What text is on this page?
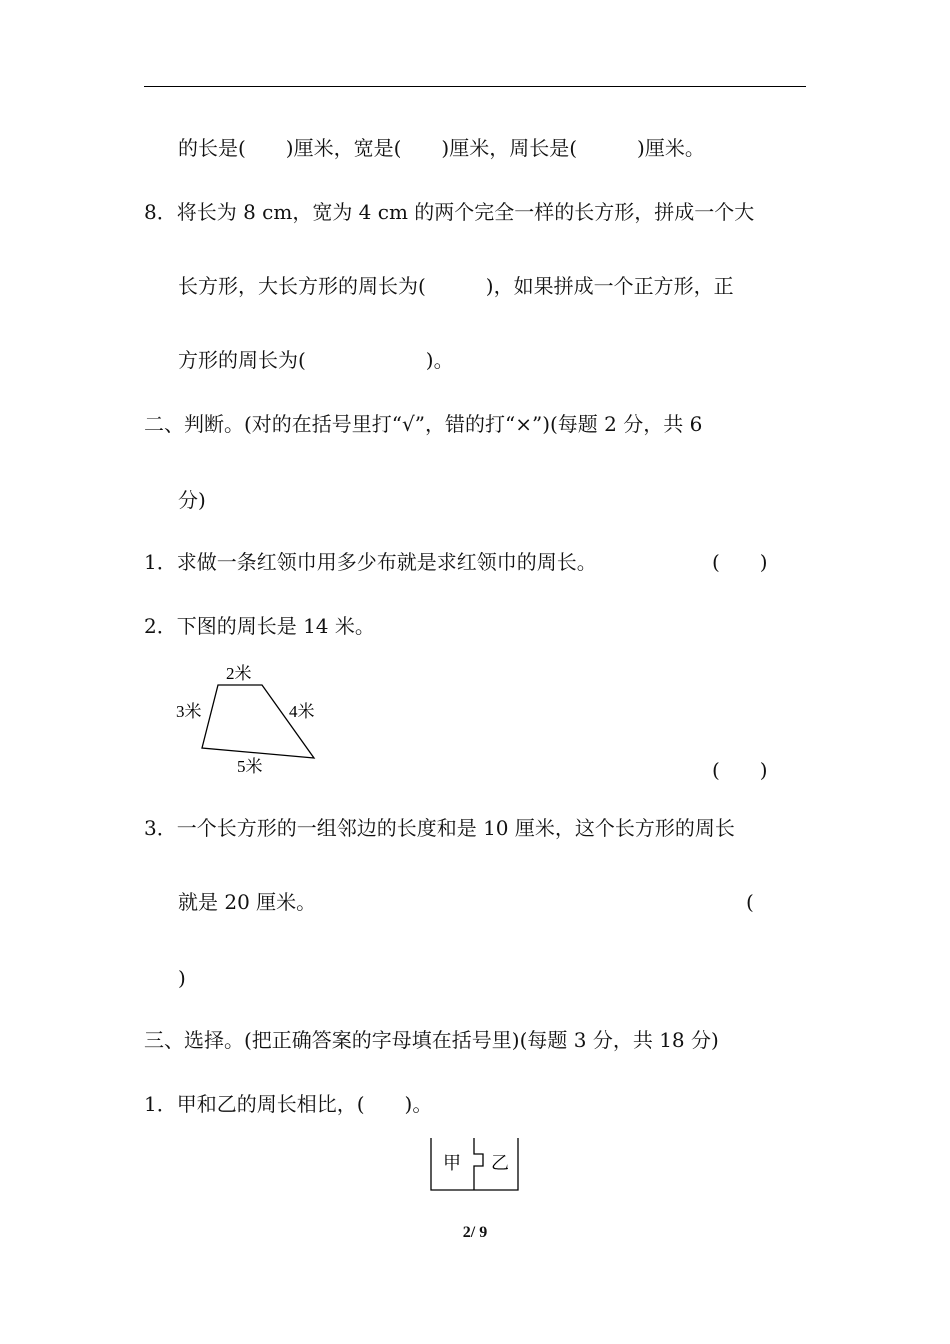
的长是(　　)厘米，宽是(　　)厘米，周长是(　　　)厘米。
8．将长为 8 cm，宽为 4 cm 的两个完全一样的长方形，拼成一个大
长方形，大长方形的周长为(　　　)，如果拼成一个正方形，正
方形的周长为(　　　　　　)。
二、判断。(对的在括号里打“√”，错的打“×”)(每题 2 分，共 6
分)
1．求做一条红领巾用多少布就是求红领巾的周长。	(　　)
2．下图的周长是 14 米。
2米
3米	4米
5米	(　　)
3．一个长方形的一组邻边的长度和是 10 厘米，这个长方形的周长
就是 20 厘米。	(
)
三、选择。(把正确答案的字母填在括号里)(每题 3 分，共 18 分)
1．甲和乙的周长相比，(　　)。
甲 乙
2/ 9
